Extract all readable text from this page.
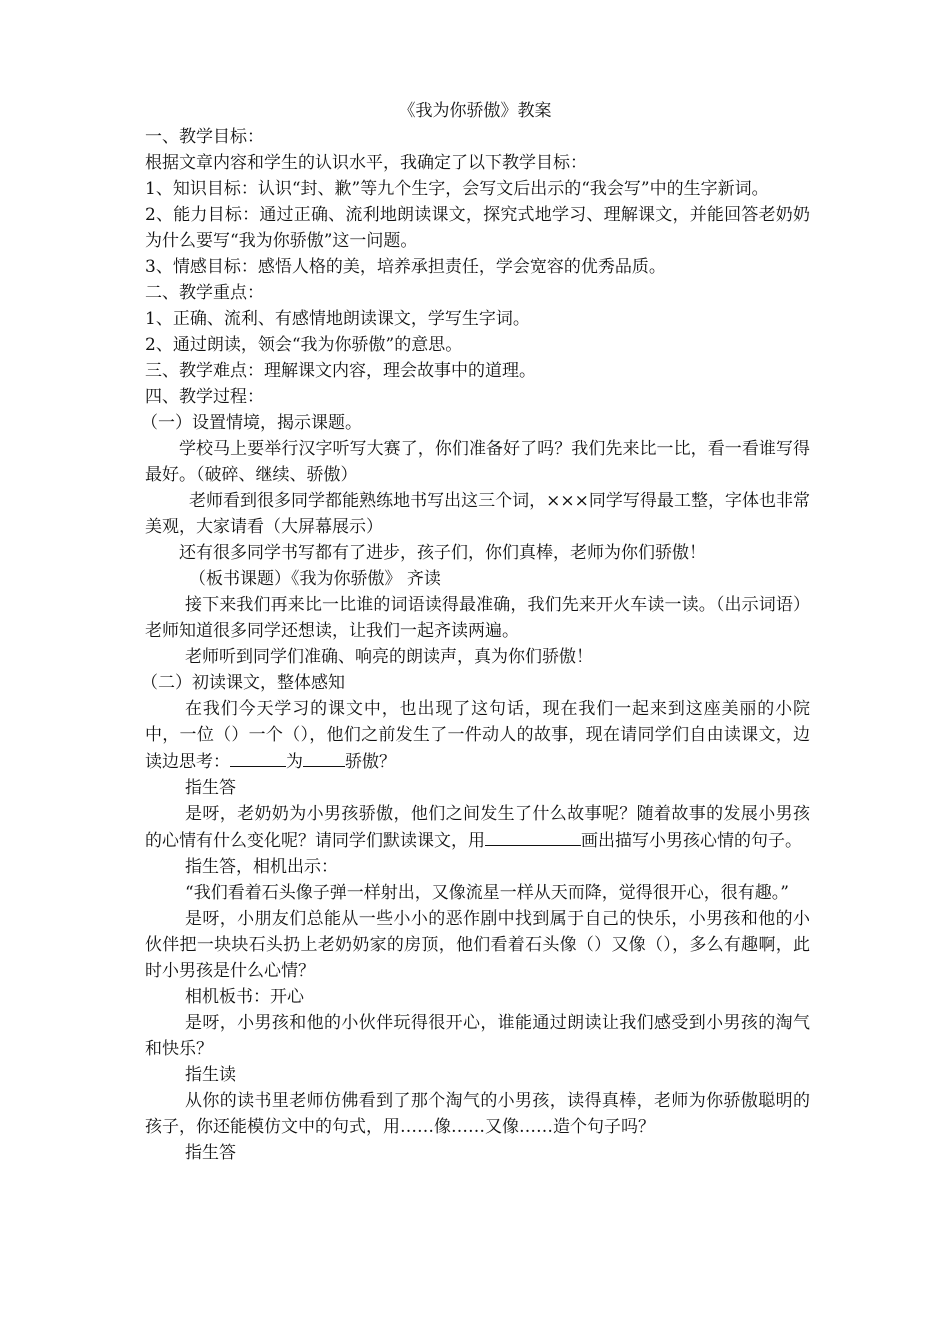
《我为你骄傲》教案

一、教学目标：

根据文章内容和学生的认识水平，我确定了以下教学目标：

1、知识目标：认识“封、歉”等九个生字，会写文后出示的“我会写”中的生字新词。

2、能力目标：通过正确、流利地朗读课文，探究式地学习、理解课文，并能回答老奶奶为什么要写“我为你骄傲”这一问题。

3、情感目标：感悟人格的美，培养承担责任，学会宽容的优秀品质。

二、教学重点：

1、正确、流利、有感情地朗读课文，学写生字词。

2、通过朗读，领会“我为你骄傲”的意思。

三、教学难点：理解课文内容，理会故事中的道理。

四、教学过程：

（一）设置情境，揭示课题。

学校马上要举行汉字听写大赛了，你们准备好了吗？我们先来比一比，看一看谁写得最好。（破碎、继续、骄傲）

老师看到很多同学都能熟练地书写出这三个词，×××同学写得最工整，字体也非常美观，大家请看（大屏幕展示）

还有很多同学书写都有了进步，孩子们，你们真棒，老师为你们骄傲！

（板书课题）《我为你骄傲》 齐读

接下来我们再来比一比谁的词语读得最准确，我们先来开火车读一读。（出示词语）老师知道很多同学还想读，让我们一起齐读两遍。

老师听到同学们准确、响亮的朗读声，真为你们骄傲！

（二）初读课文，整体感知

在我们今天学习的课文中，也出现了这句话，现在我们一起来到这座美丽的小院中，一位（）一个（），他们之前发生了一件动人的故事，现在请同学们自由读课文，边读边思考：	为 骄傲？

指生答

是呀，老奶奶为小男孩骄傲，他们之间发生了什么故事呢？随着故事的发展小男孩的心情有什么变化呢？请同学们默读课文，用	画出描写小男孩心情的句子。

指生答，相机出示：

“我们看着石头像子弹一样射出，又像流星一样从天而降，觉得很开心，很有趣。”

是呀，小朋友们总能从一些小小的恶作剧中找到属于自己的快乐，小男孩和他的小伙伴把一块块石头扔上老奶奶家的房顶，他们看着石头像（）又像（），多么有趣啊，此时小男孩是什么心情？

相机板书：开心

是呀，小男孩和他的小伙伴玩得很开心，谁能通过朗读让我们感受到小男孩的淘气和快乐？

指生读

从你的读书里老师仿佛看到了那个淘气的小男孩，读得真棒，老师为你骄傲聪明的孩子，你还能模仿文中的句式，用……像……又像……造个句子吗？

指生答
